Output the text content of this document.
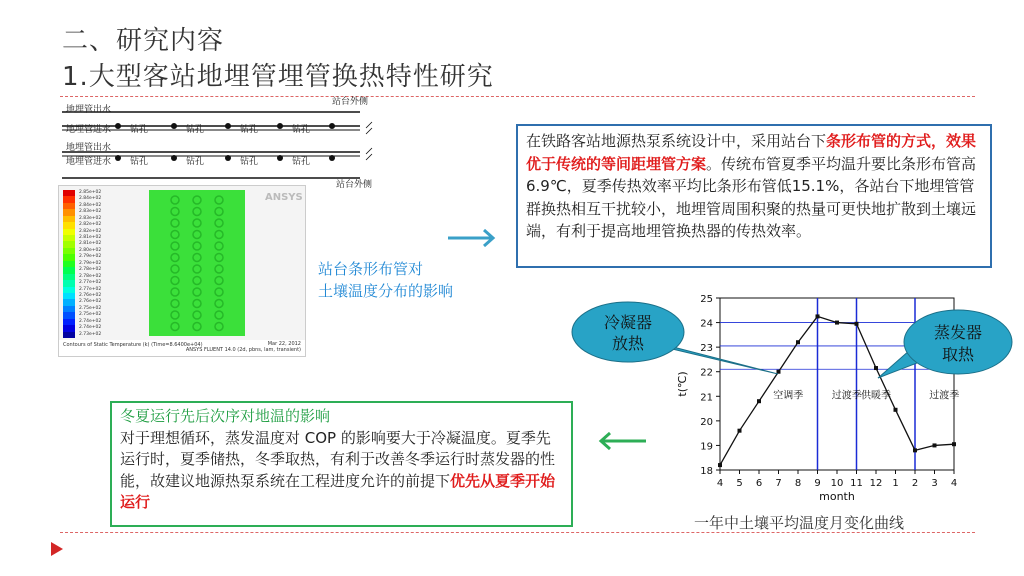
二、研究内容
1.大型客站地埋管埋管换热特性研究
地埋管出水
地埋管进水
站台外侧
地埋管出水
地埋管进水
站台外侧
钻孔	钻孔	钻孔	钻孔
钻孔	钻孔	钻孔	钻孔
2.85e+02
2.84e+02
2.84e+02
2.83e+02
2.83e+02
2.82e+02
2.82e+02
2.81e+02
2.81e+02
2.80e+02
2.79e+02
2.79e+02
2.78e+02
2.78e+02
2.77e+02
2.77e+02
2.76e+02
2.76e+02
2.75e+02
2.75e+02
2.74e+02
2.74e+02
2.73e+02
ANSYS
Contours of Static Temperature (k) (Time=8.6400e+04)	Mar 22, 2012
ANSYS FLUENT 14.0 (2d, pbns, lam, transient)
站台条形布管对
土壤温度分布的影响
在铁路客站地源热泵系统设计中，采用站台下条形布管的方式，效果优于传统的等间距埋管方案。传统布管夏季平均温升要比条形布管高6.9℃，夏季传热效率平均比条形布管低15.1%，各站台下地埋管管群换热相互干扰较小，地埋管周围积聚的热量可更快地扩散到土壤远端，有利于提高地埋管换热器的传热效率。
冬夏运行先后次序对地温的影响
对于理想循环，蒸发温度对 COP 的影响要大于冷凝温度。夏季先运行时，夏季储热，冬季取热，有利于改善冬季运行时蒸发器的性能，故建议地源热泵系统在工程进度允许的前提下优先从夏季开始运行
18
19
20
21
22
23
24
25
4 5 6 7 8 9 10 11 12 1 2 3 4
空调季	过渡季 供暖季	过渡季
month
t(℃)
一年中土壤平均温度月变化曲线
冷凝器
放热
蒸发器
取热
